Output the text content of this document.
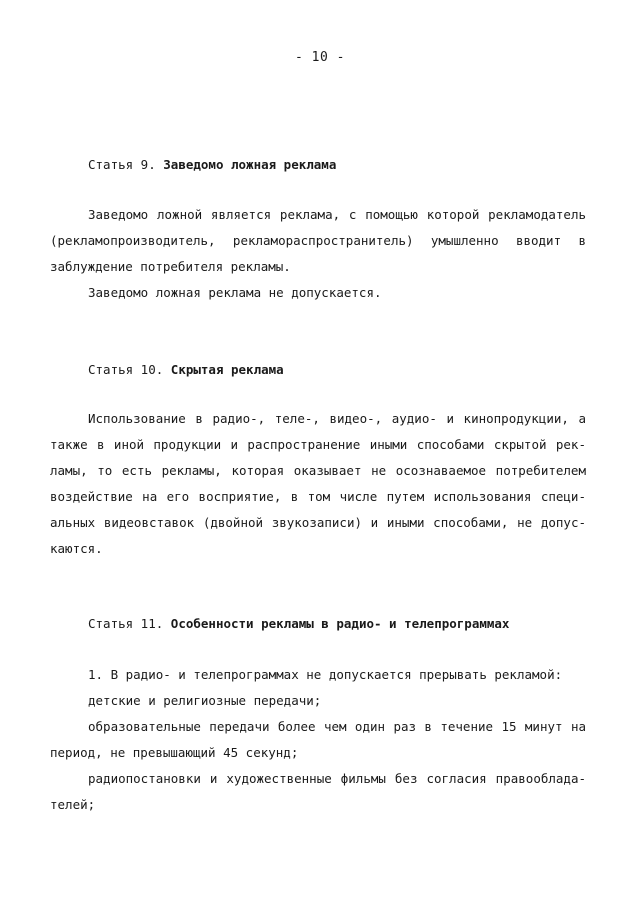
- 10 -
Статья 9. Заведомо ложная реклама
Заведомо ложной является реклама, с помощью которой рекламодатель
(рекламопроизводитель, рекламораспространитель) умышленно вводит в
заблуждение потребителя рекламы.
Заведомо ложная реклама не допускается.
Статья 10. Скрытая реклама
Использование в радио-, теле-, видео-, аудио- и кинопродукции, а
также в иной продукции и распространение иными способами скрытой рек-
ламы, то есть рекламы, которая оказывает не осознаваемое потребителем
воздействие на его восприятие, в том числе путем использования специ-
альных видеовставок (двойной звукозаписи) и иными способами, не допус-
каются.
Статья 11. Особенности рекламы в радио- и телепрограммах
1. В радио- и телепрограммах не допускается прерывать рекламой:
детские и религиозные передачи;
образовательные передачи более чем один раз в течение 15 минут на
период, не превышающий 45 секунд;
радиопостановки и художественные фильмы без согласия правообладa-
телей;
